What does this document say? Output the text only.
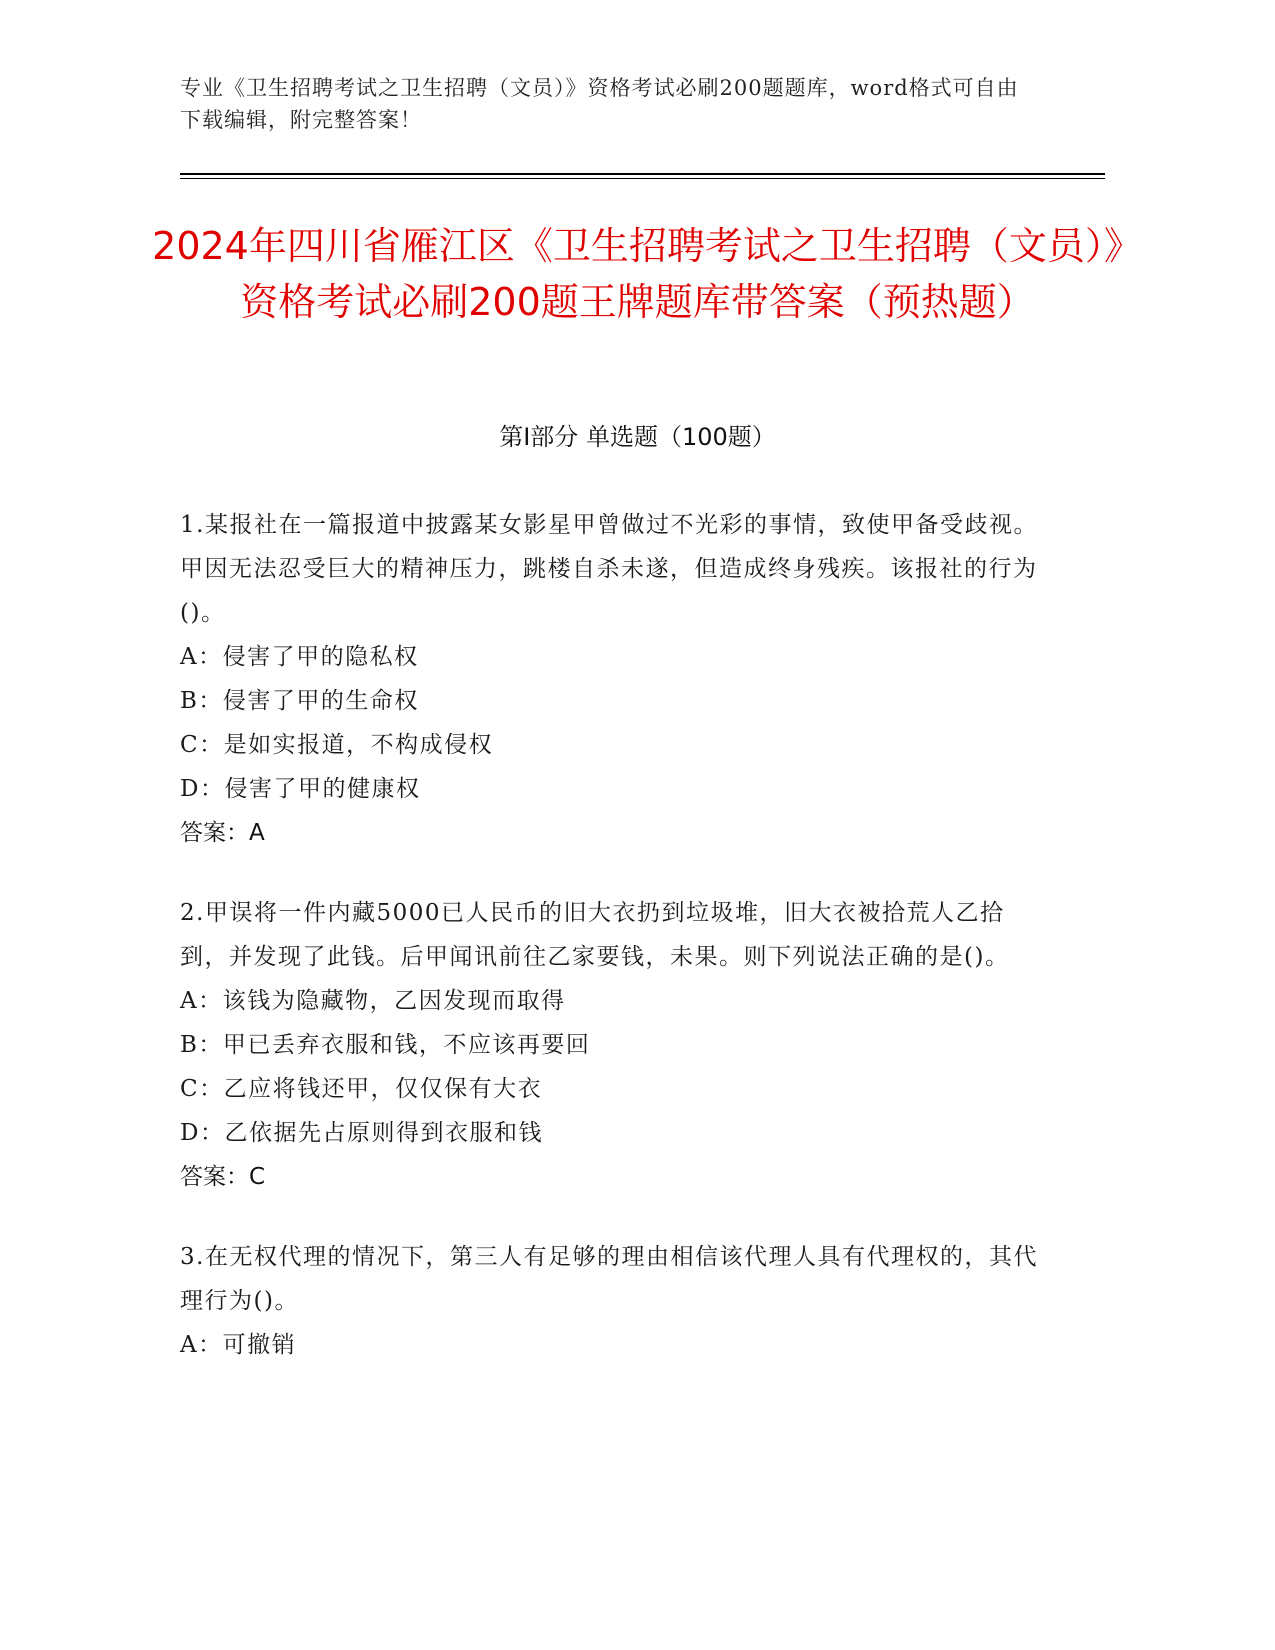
专业《卫生招聘考试之卫生招聘（文员）》资格考试必刷200题题库，word格式可自由下载编辑，附完整答案！
2024年四川省雁江区《卫生招聘考试之卫生招聘（文员）》资格考试必刷200题王牌题库带答案（预热题）
第I部分 单选题（100题）

1.某报社在一篇报道中披露某女影星甲曾做过不光彩的事情，致使甲备受歧视。甲因无法忍受巨大的精神压力，跳楼自杀未遂，但造成终身残疾。该报社的行为()。

A：侵害了甲的隐私权

B：侵害了甲的生命权

C：是如实报道，不构成侵权

D：侵害了甲的健康权

答案：A

2.甲误将一件内藏5000已人民币的旧大衣扔到垃圾堆，旧大衣被拾荒人乙拾到，并发现了此钱。后甲闻讯前往乙家要钱，未果。则下列说法正确的是()。

A：该钱为隐藏物，乙因发现而取得

B：甲已丢弃衣服和钱，不应该再要回

C：乙应将钱还甲，仅仅保有大衣

D：乙依据先占原则得到衣服和钱

答案：C

3.在无权代理的情况下，第三人有足够的理由相信该代理人具有代理权的，其代理行为()。

A：可撤销
